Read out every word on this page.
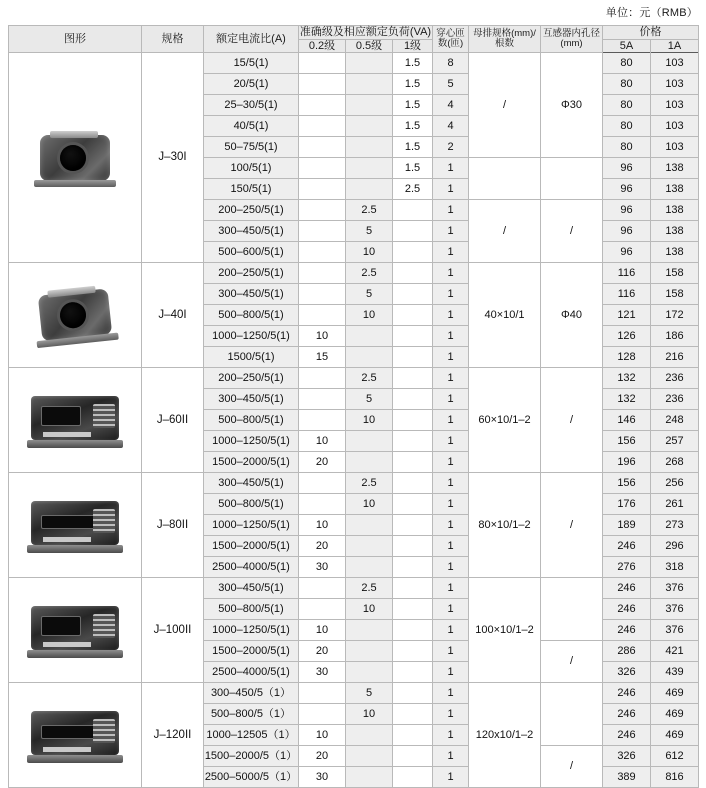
单位：元（RMB）
图形	规格	额定电流比(A)	准确级及相应额定负荷(VA)			穿心匝数(匝)	母排规格(mm)/根数	互感器内孔径(mm)	价格	
			0.2级	0.5级	1级				5A	1A

	J–30I	15/5(1)			1.5	8	/	Φ30	80	103
		20/5(1)			1.5	5			80	103
		25–30/5(1)			1.5	4			80	103
		40/5(1)			1.5	4			80	103
		50–75/5(1)			1.5	2			80	103
		100/5(1)			1.5	1			96	138
		150/5(1)			2.5	1			96	138
		200–250/5(1)		2.5		1	/	/	96	138
		300–450/5(1)		5		1			96	138
		500–600/5(1)		10		1			96	138

	J–40I	200–250/5(1)		2.5		1	40×10/1	Φ40	116	158
		300–450/5(1)		5		1			116	158
		500–800/5(1)		10		1			121	172
		1000–1250/5(1)	10			1			126	186
		1500/5(1)	15			1			128	216

	J–60II	200–250/5(1)		2.5		1	60×10/1–2	/	132	236
		300–450/5(1)		5		1			132	236
		500–800/5(1)		10		1			146	248
		1000–1250/5(1)	10			1			156	257
		1500–2000/5(1)	20			1			196	268

	J–80II	300–450/5(1)		2.5		1	80×10/1–2	/	156	256
		500–800/5(1)		10		1			176	261
		1000–1250/5(1)	10			1			189	273
		1500–2000/5(1)	20			1			246	296
		2500–4000/5(1)	30			1			276	318

	J–100II	300–450/5(1)		2.5		1	100×10/1–2		246	376
		500–800/5(1)		10		1			246	376
		1000–1250/5(1)	10			1			246	376
		1500–2000/5(1)	20			1		/	286	421
		2500–4000/5(1)	30			1			326	439

	J–120II	300–450/5（1）		5		1	120x10/1–2		246	469
		500–800/5（1）		10		1			246	469
		1000–12505（1）	10			1			246	469
		1500–2000/5（1）	20			1		/	326	612
		2500–5000/5（1）	30			1			389	816
